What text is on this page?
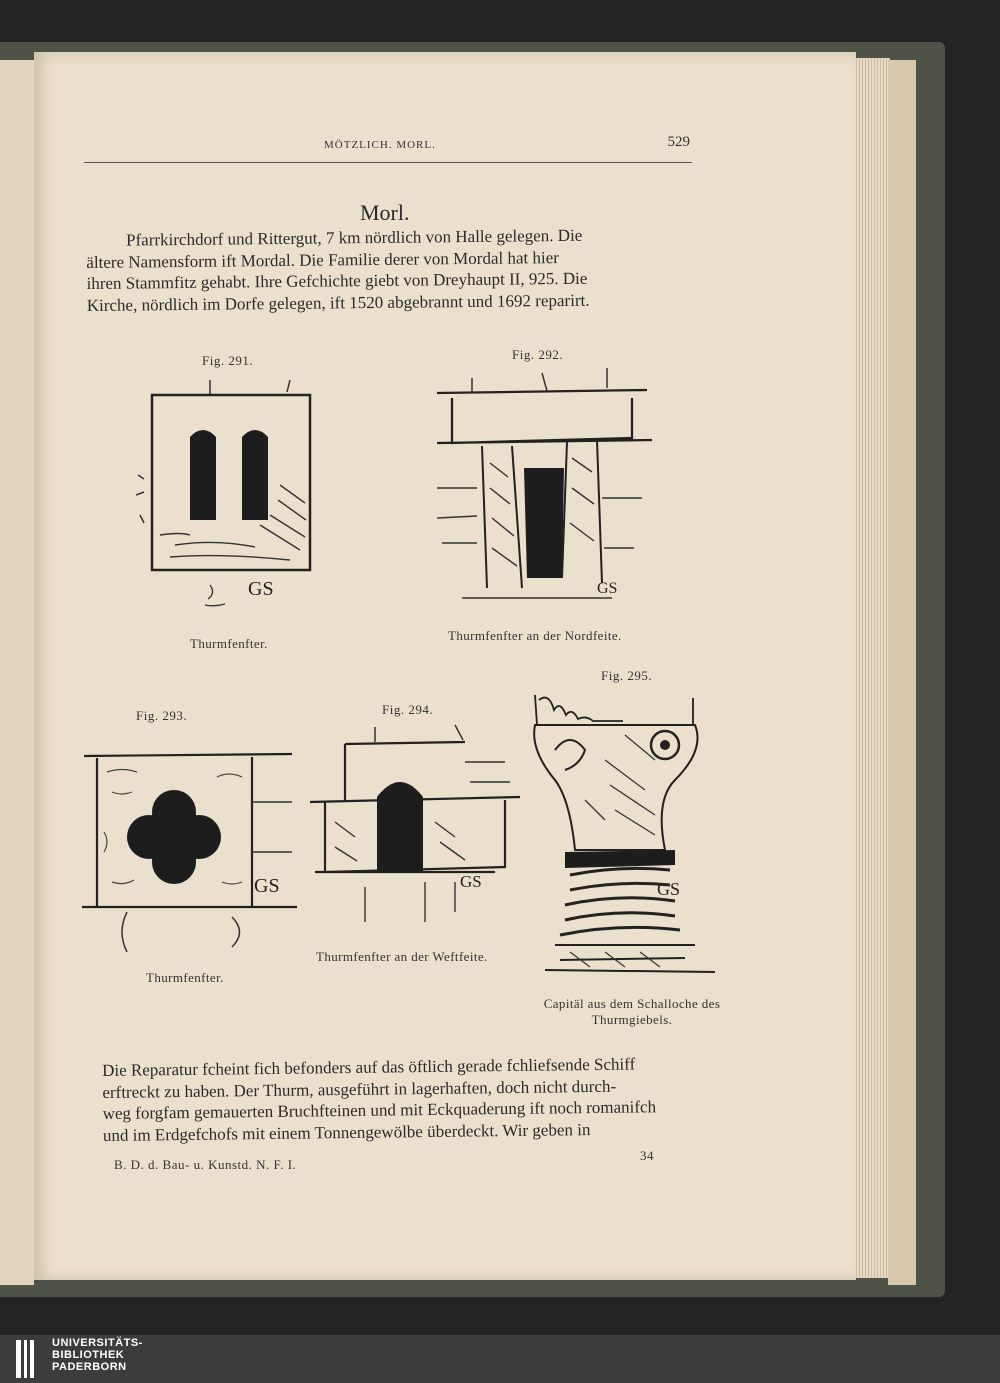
MÖTZLICH. MORL.	529
Morl.
Pfarrkirchdorf und Rittergut, 7 km nördlich von Halle gelegen. Die
ältere Namensform ift Mordal. Die Familie derer von Mordal hat hier
ihren Stammfitz gehabt. Ihre Gefchichte giebt von Dreyhaupt II, 925. Die
Kirche, nördlich im Dorfe gelegen, ift 1520 abgebrannt und 1692 reparirt.
Fig. 291.
GS
Thurmfenfter.
Fig. 292.
GS
Thurmfenfter an der Nordfeite.
Fig. 295.
Fig. 293.
GS
Thurmfenfter.
Fig. 294.
GS
Thurmfenfter an der Weftfeite.
GS
Capitäl aus dem Schalloche des
Thurmgiebels.
Die Reparatur fcheint fich befonders auf das öftlich gerade fchliefsende Schiff
erftreckt zu haben. Der Thurm, ausgeführt in lagerhaften, doch nicht durch-
weg forgfam gemauerten Bruchfteinen und mit Eckquaderung ift noch romanifch
und im Erdgefchofs mit einem Tonnengewölbe überdeckt. Wir geben in
B. D. d. Bau- u. Kunstd. N. F. I.
34
UNIVERSITÄTS-
BIBLIOTHEK
PADERBORN
